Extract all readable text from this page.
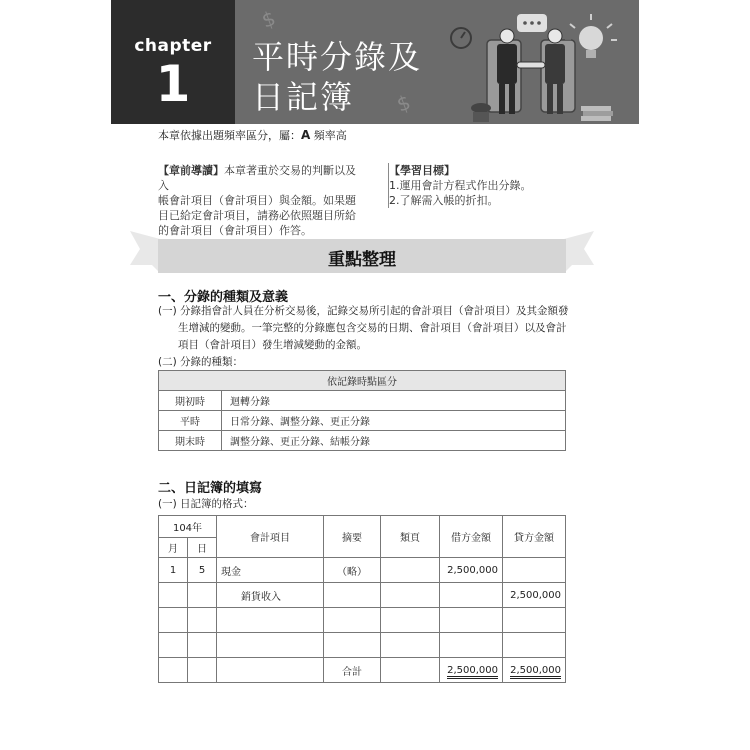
$
$
chapter
1	平時分錄及
日記簿
本章依據出題頻率區分，屬：A 頻率高
【章前導讀】本章著重於交易的判斷以及入
帳會計項目（會計項目）與金額。如果題
目已給定會計項目，請務必依照題目所給
的會計項目（會計項目）作答。
【學習目標】
1.運用會計方程式作出分錄。
2.了解需入帳的折扣。
重點整理
一、分錄的種類及意義
(一) 分錄指會計人員在分析交易後，記錄交易所引起的會計項目（會計項目）及其金額發
生增減的變動。一筆完整的分錄應包含交易的日期、會計項目（會計項目）以及會計
項目（會計項目）發生增減變動的金額。
(二) 分錄的種類：
依記錄時點區分	
期初時	迴轉分錄
平時	日常分錄、調整分錄、更正分錄
期末時	調整分錄、更正分錄、結帳分錄
二、日記簿的填寫
(一) 日記簿的格式：
104年		會計項目	摘要	類頁	借方金額	貸方金額
月	日					
1	5	現金	（略）		2,500,000	
		銷貨收入				2,500,000

			合計		2,500,000	2,500,000
